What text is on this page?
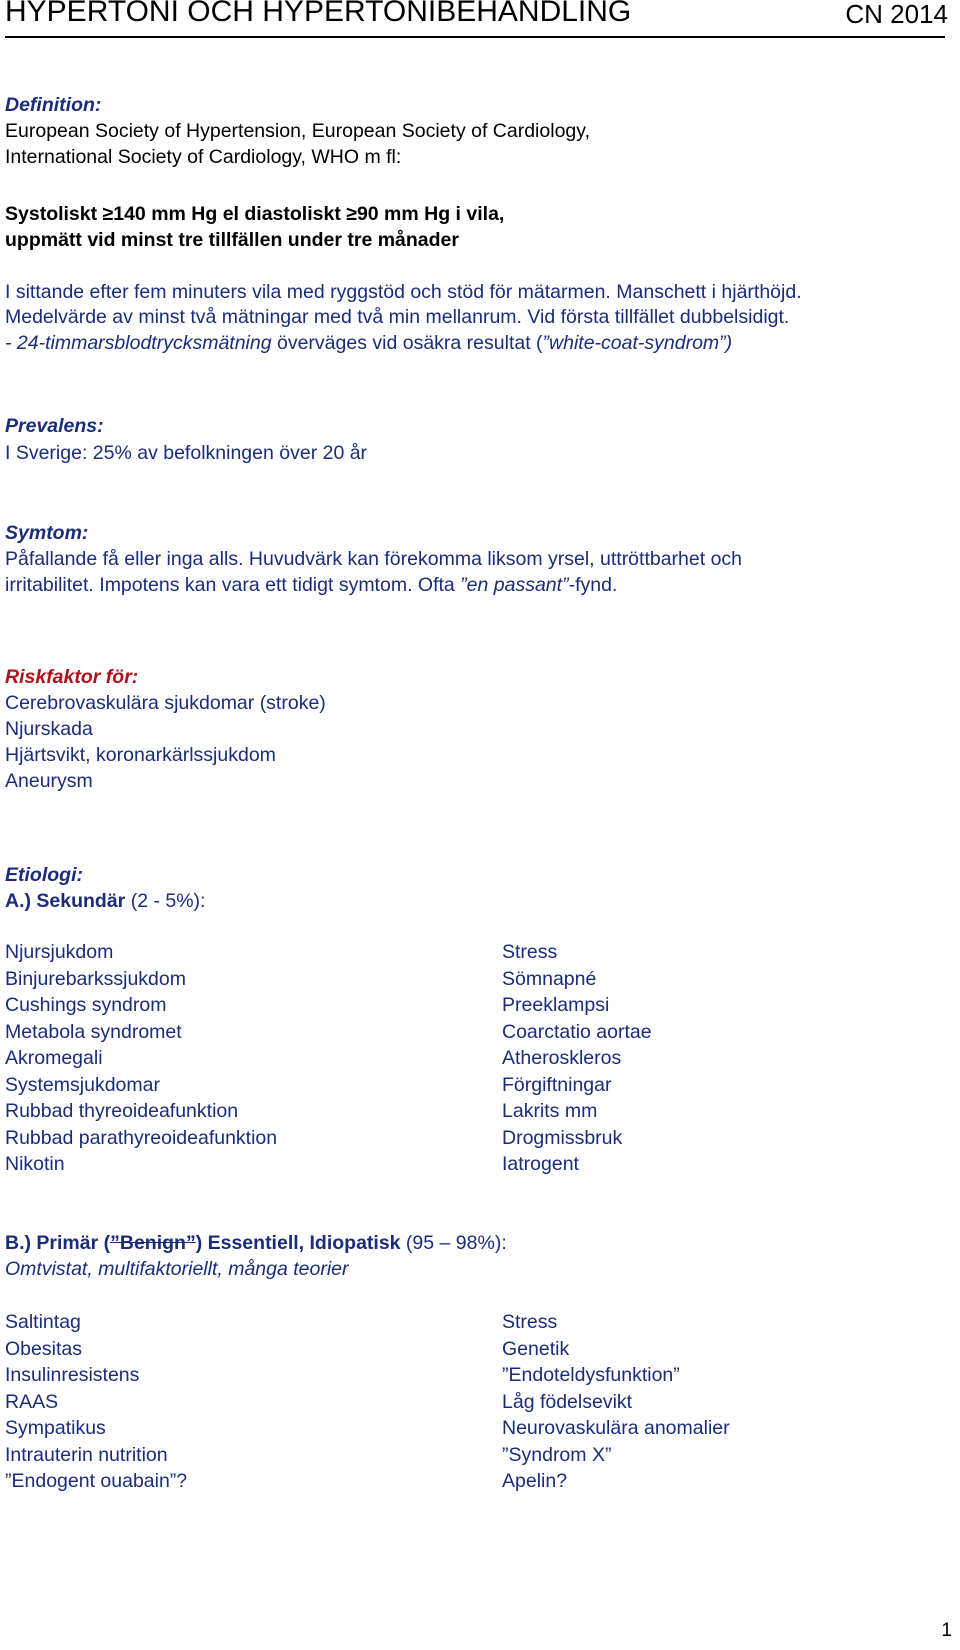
HYPERTONI OCH HYPERTONIBEHANDLING	CN 2014
Definition:
European Society of Hypertension, European Society of Cardiology,
International Society of Cardiology, WHO m fl:
Systoliskt ≥140 mm Hg el diastoliskt ≥90 mm Hg i vila,
uppmätt vid minst tre tillfällen under tre månader
I sittande efter fem minuters vila med ryggstöd och stöd för mätarmen. Manschett i hjärthöjd.
Medelvärde av minst två mätningar med två min mellanrum. Vid första tillfället dubbelsidigt.
- 24-timmarsblodtrycksmätning överväges vid osäkra resultat (”white-coat-syndrom”)
Prevalens:
I Sverige: 25% av befolkningen över 20 år
Symtom:
Påfallande få eller inga alls. Huvudvärk kan förekomma liksom yrsel, uttröttbarhet och
irritabilitet. Impotens kan vara ett tidigt symtom. Ofta ”en passant”-fynd.
Riskfaktor för:
Cerebrovaskulära sjukdomar (stroke)
Njurskada
Hjärtsvikt, koronarkärlssjukdom
Aneurysm
Etiologi:
A.) Sekundär (2 - 5%):
Njursjukdom
Binjurebarkssjukdom
Cushings syndrom
Metabola syndromet
Akromegali
Systemsjukdomar
Rubbad thyreoideafunktion
Rubbad parathyreoideafunktion
Nikotin
Stress
Sömnapné
Preeklampsi
Coarctatio aortae
Atheroskleros
Förgiftningar
Lakrits mm
Drogmissbruk
Iatrogent
B.) Primär (”Benign”) Essentiell, Idiopatisk (95 – 98%):
Omtvistat, multifaktoriellt, många teorier
Saltintag
Obesitas
Insulinresistens
RAAS
Sympatikus
Intrauterin nutrition
”Endogent ouabain”?
Stress
Genetik
”Endoteldysfunktion”
Låg födelsevikt
Neurovaskulära anomalier
”Syndrom X”
Apelin?
1
